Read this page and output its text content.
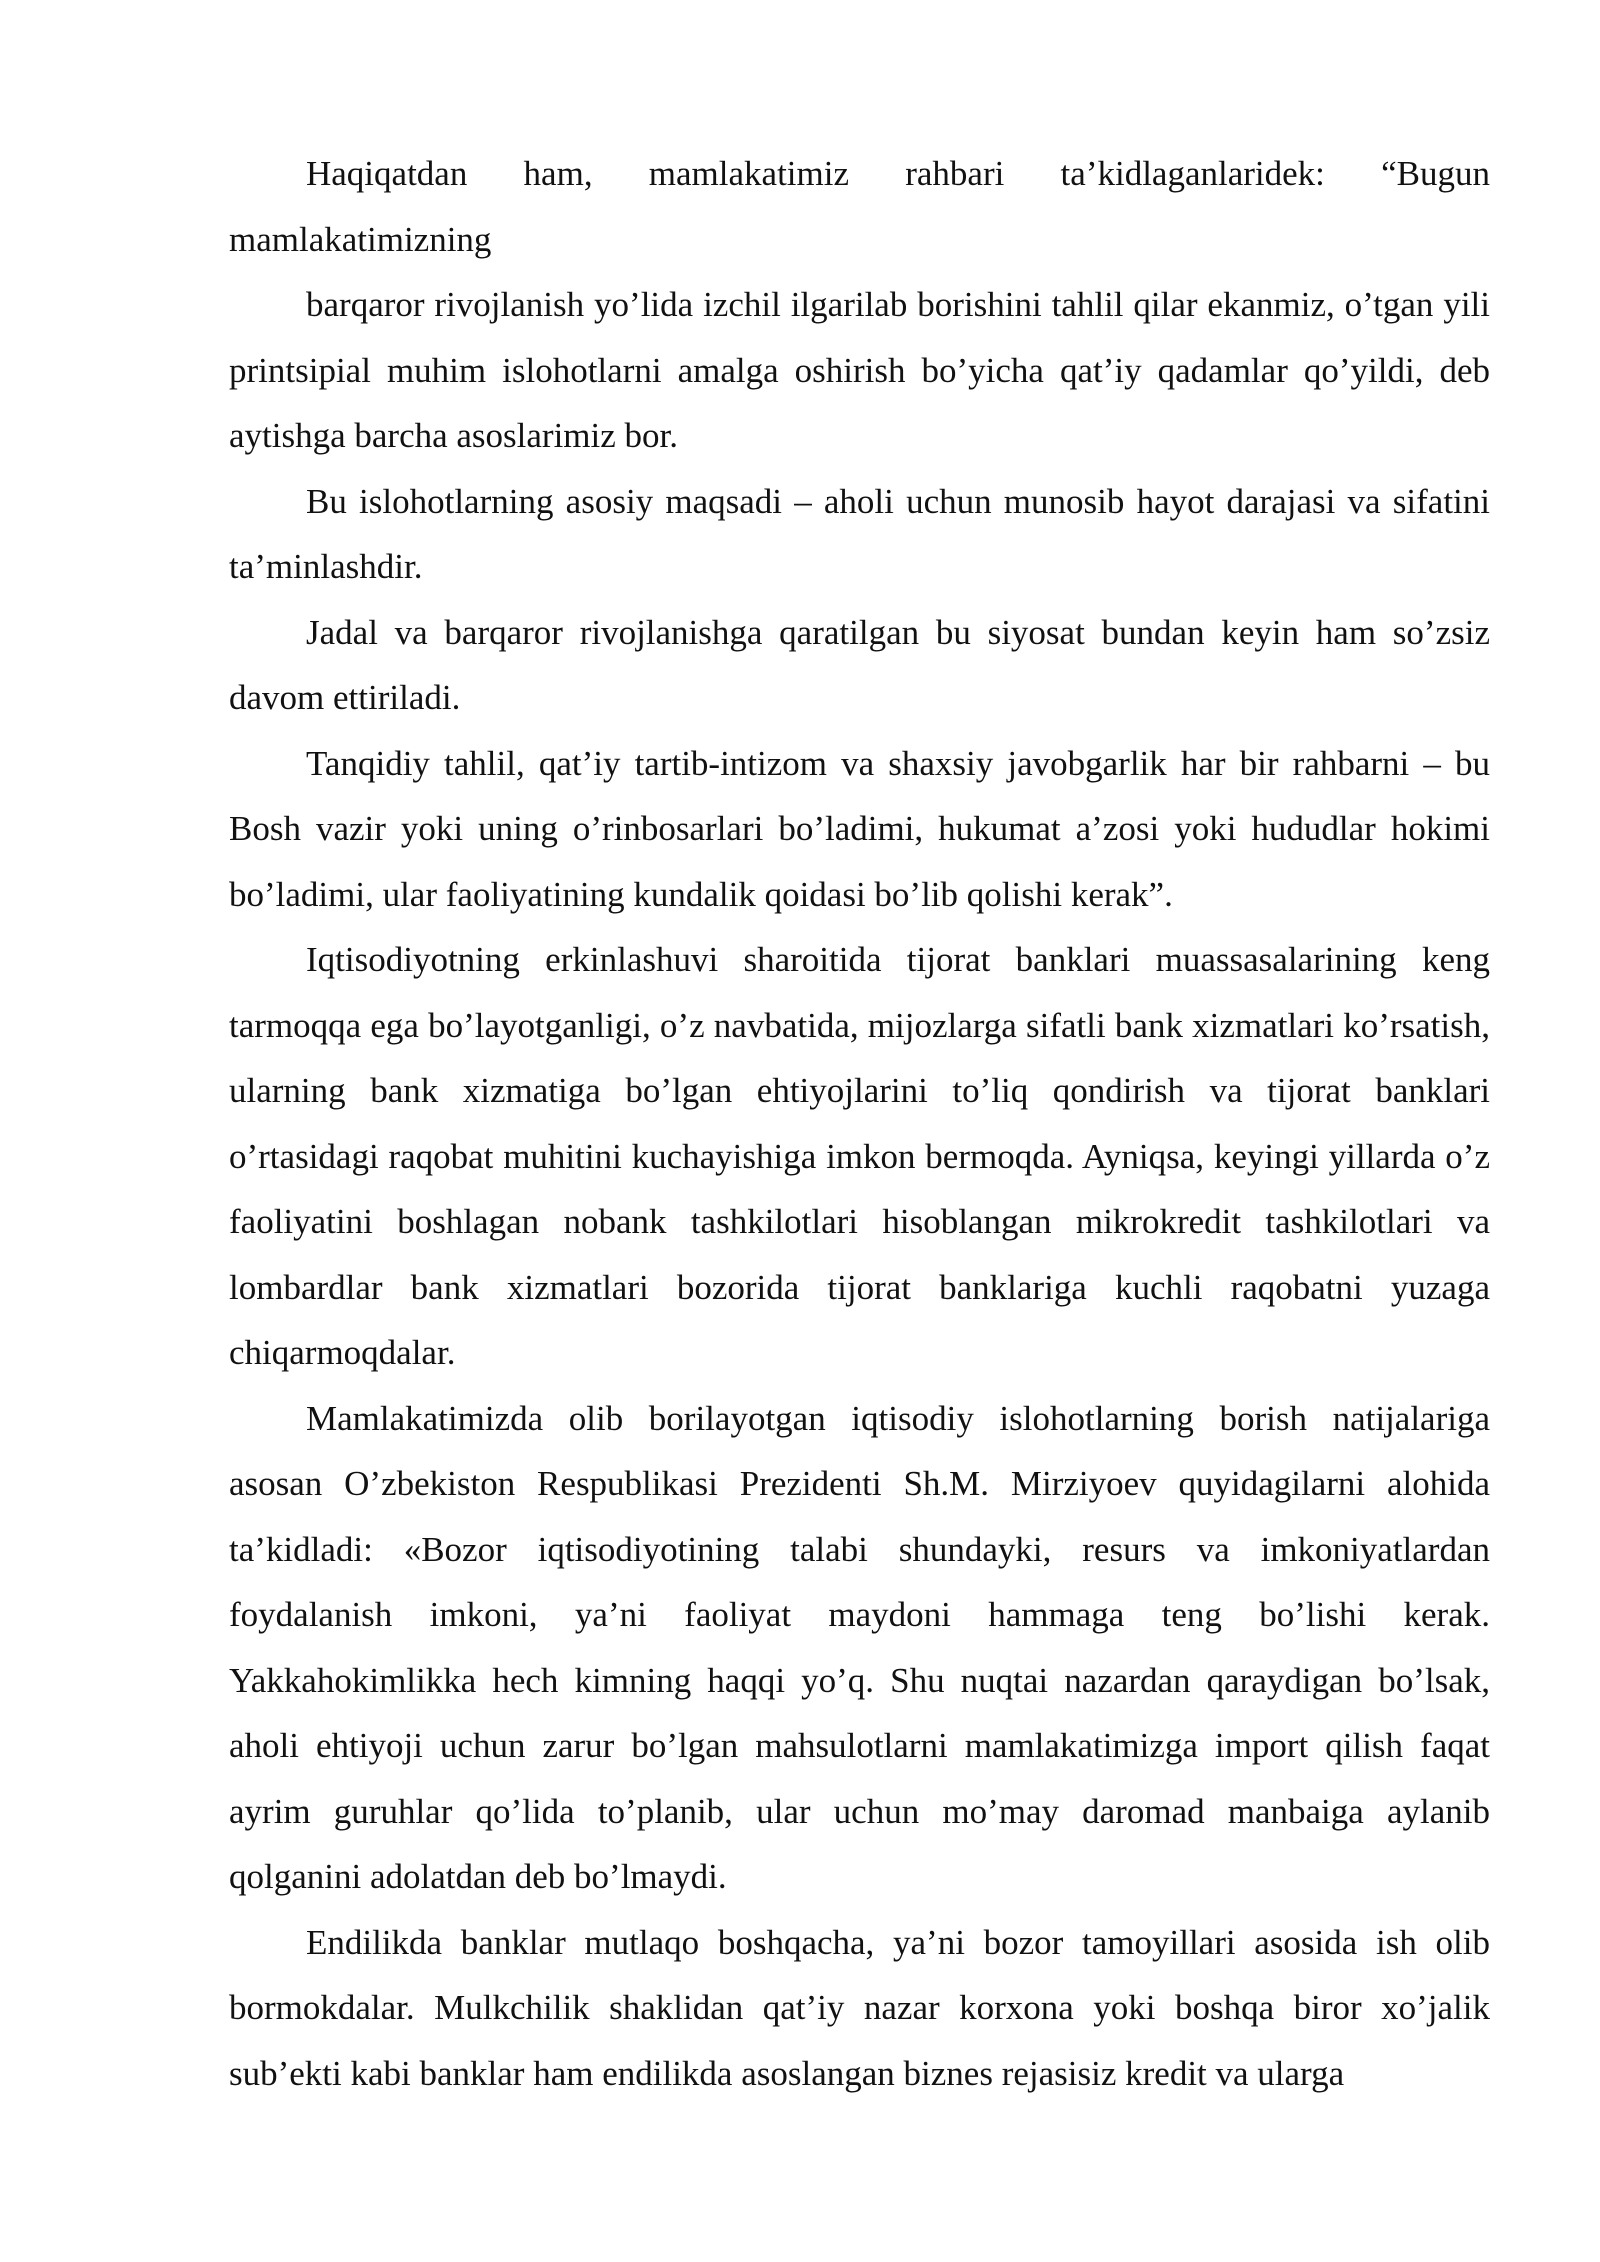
Haqiqatdan ham, mamlakatimiz rahbari ta’kidlaganlaridek: “Bugun mamlakatimizning

barqaror rivojlanish yo’lida izchil ilgarilab borishini tahlil qilar ekanmiz, o’tgan yili printsipial muhim islohotlarni amalga oshirish bo’yicha qat’iy qadamlar qo’yildi, deb aytishga barcha asoslarimiz bor.

Bu islohotlarning asosiy maqsadi – aholi uchun munosib hayot darajasi va sifatini ta’minlashdir.

Jadal va barqaror rivojlanishga qaratilgan bu siyosat bundan keyin ham so’zsiz davom ettiriladi.

Tanqidiy tahlil, qat’iy tartib-intizom va shaxsiy javobgarlik har bir rahbarni – bu Bosh vazir yoki uning o’rinbosarlari bo’ladimi, hukumat a’zosi yoki hududlar hokimi bo’ladimi, ular faoliyatining kundalik qoidasi bo’lib qolishi kerak”.

Iqtisodiyotning erkinlashuvi sharoitida tijorat banklari muassasalarining keng tarmoqqa ega bo’layotganligi, o’z navbatida, mijozlarga sifatli bank xizmatlari ko’rsatish, ularning bank xizmatiga bo’lgan ehtiyojlarini to’liq qondirish va tijorat banklari o’rtasidagi raqobat muhitini kuchayishiga imkon bermoqda. Ayniqsa, keyingi yillarda o’z faoliyatini boshlagan nobank tashkilotlari hisoblangan mikrokredit tashkilotlari va lombardlar bank xizmatlari bozorida tijorat banklariga kuchli raqobatni yuzaga chiqarmoqdalar.

Mamlakatimizda olib borilayotgan iqtisodiy islohotlarning borish natijalariga asosan O’zbekiston Respublikasi Prezidenti Sh.M. Mirziyoev quyidagilarni alohida ta’kidladi: «Bozor iqtisodiyotining talabi shundayki, resurs va imkoniyatlardan foydalanish imkoni, ya’ni faoliyat maydoni hammaga teng bo’lishi kerak. Yakkahokimlikka hech kimning haqqi yo’q. Shu nuqtai nazardan qaraydigan bo’lsak, aholi ehtiyoji uchun zarur bo’lgan mahsulotlarni mamlakatimizga import qilish faqat ayrim guruhlar qo’lida to’planib, ular uchun mo’may daromad manbaiga aylanib qolganini adolatdan deb bo’lmaydi.

Endilikda banklar mutlaqo boshqacha, ya’ni bozor tamoyillari asosida ish olib bormokdalar. Mulkchilik shaklidan qat’iy nazar korxona yoki boshqa biror xo’jalik sub’ekti kabi banklar ham endilikda asoslangan biznes rejasisiz kredit va ularga
